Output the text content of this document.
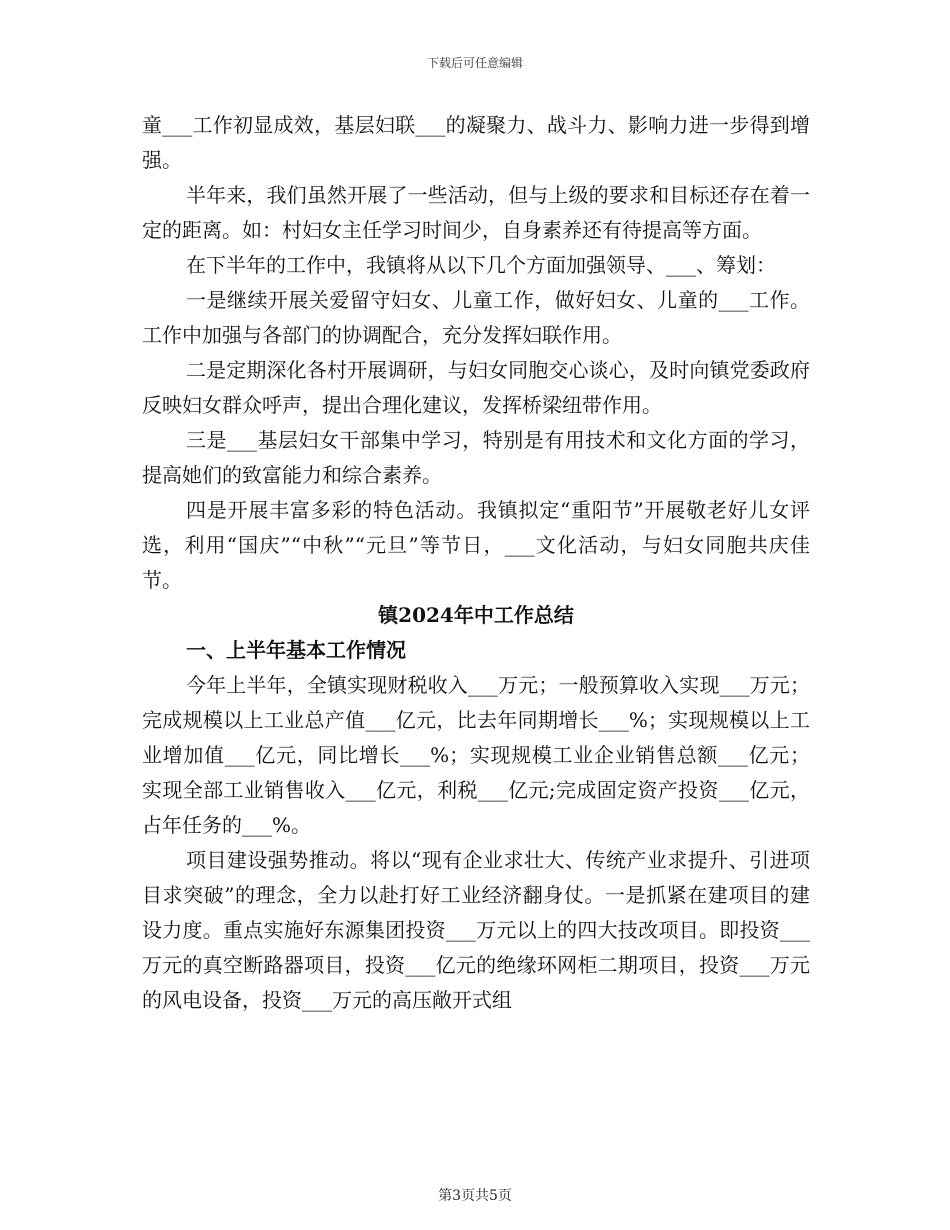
下载后可任意编辑

童___工作初显成效，基层妇联___的凝聚力、战斗力、影响力进一步得到增强。

半年来，我们虽然开展了一些活动，但与上级的要求和目标还存在着一定的距离。如：村妇女主任学习时间少，自身素养还有待提高等方面。

在下半年的工作中，我镇将从以下几个方面加强领导、___、筹划：

一是继续开展关爱留守妇女、儿童工作，做好妇女、儿童的___工作。工作中加强与各部门的协调配合，充分发挥妇联作用。

二是定期深化各村开展调研，与妇女同胞交心谈心，及时向镇党委政府反映妇女群众呼声，提出合理化建议，发挥桥梁纽带作用。

三是___基层妇女干部集中学习，特别是有用技术和文化方面的学习，提高她们的致富能力和综合素养。

四是开展丰富多彩的特色活动。我镇拟定“重阳节”开展敬老好儿女评选，利用“国庆”“中秋”“元旦”等节日，___文化活动，与妇女同胞共庆佳节。

镇2024年中工作总结

一、上半年基本工作情况

今年上半年，全镇实现财税收入___万元；一般预算收入实现___万元；完成规模以上工业总产值___亿元，比去年同期增长___%；实现规模以上工业增加值___亿元，同比增长___%；实现规模工业企业销售总额___亿元；实现全部工业销售收入___亿元，利税___亿元;完成固定资产投资___亿元，占年任务的___%。

项目建设强势推动。将以“现有企业求壮大、传统产业求提升、引进项目求突破”的理念，全力以赴打好工业经济翻身仗。一是抓紧在建项目的建设力度。重点实施好东源集团投资___万元以上的四大技改项目。即投资___万元的真空断路器项目，投资___亿元的绝缘环网柜二期项目，投资___万元的风电设备，投资___万元的高压敞开式组

第3页共5页
